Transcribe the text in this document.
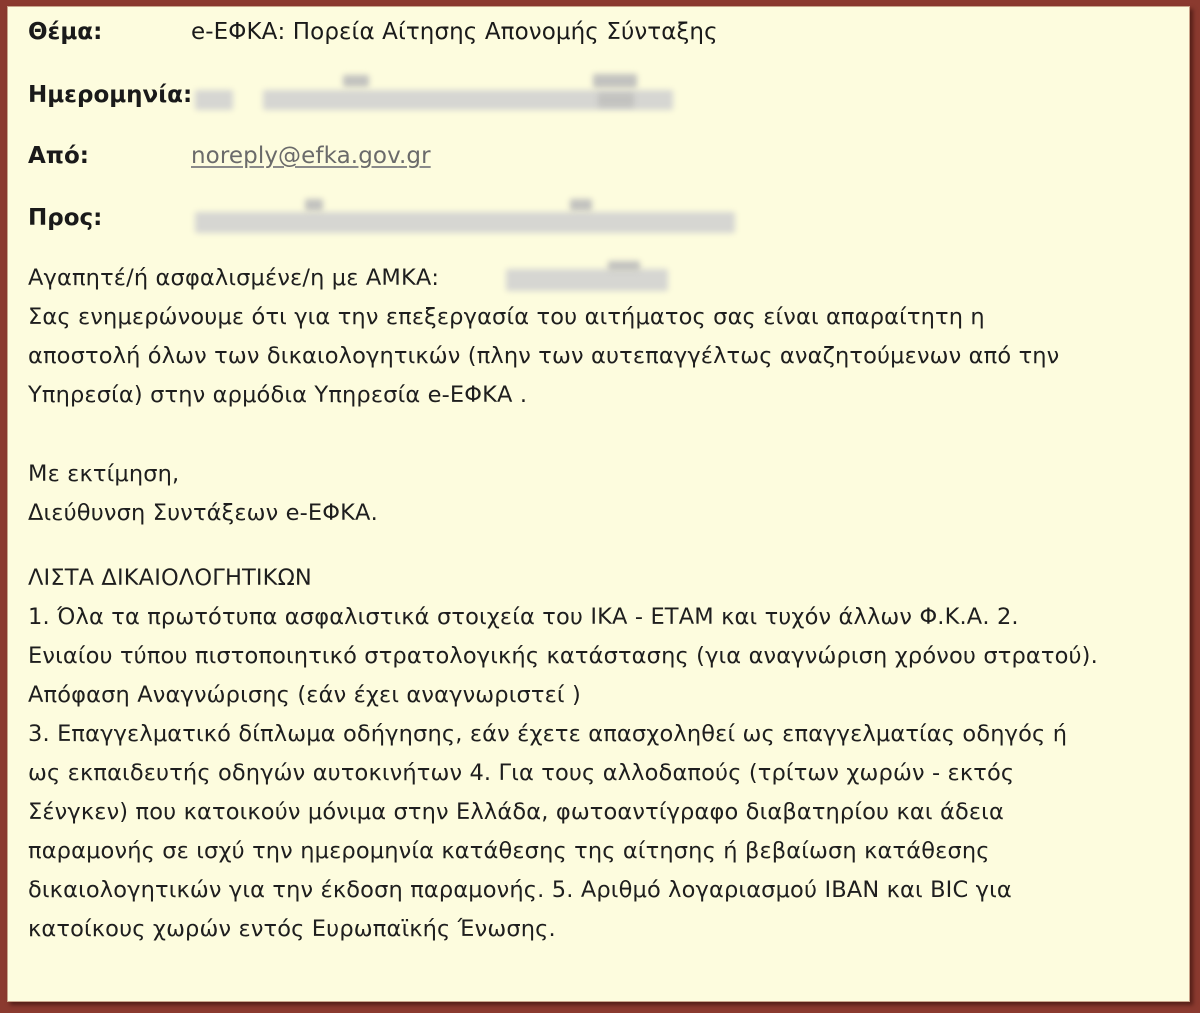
Θέμα:	e-ΕΦΚΑ: Πορεία Αίτησης Απονομής Σύνταξης
Ημερομηνία:
Από:	noreply@efka.gov.gr
Προς:
Αγαπητέ/ή ασφαλισμένε/η με ΑΜΚΑ:
Σας ενημερώνουμε ότι για την επεξεργασία του αιτήματος σας είναι απαραίτητη η
αποστολή όλων των δικαιολογητικών (πλην των αυτεπαγγέλτως αναζητούμενων από την
Υπηρεσία) στην αρμόδια Υπηρεσία e-ΕΦΚΑ .
Με εκτίμηση,
Διεύθυνση Συντάξεων e-ΕΦΚΑ.
ΛΙΣΤΑ ΔΙΚΑΙΟΛΟΓΗΤΙΚΩΝ
1. Όλα τα πρωτότυπα ασφαλιστικά στοιχεία του ΙΚΑ - ΕΤΑΜ και τυχόν άλλων Φ.Κ.Α. 2.
Ενιαίου τύπου πιστοποιητικό στρατολογικής κατάστασης (για αναγνώριση χρόνου στρατού).
Απόφαση Αναγνώρισης (εάν έχει αναγνωριστεί )
3. Επαγγελματικό δίπλωμα οδήγησης, εάν έχετε απασχοληθεί ως επαγγελματίας οδηγός ή
ως εκπαιδευτής οδηγών αυτοκινήτων 4. Για τους αλλοδαπούς (τρίτων χωρών - εκτός
Σένγκεν) που κατοικούν μόνιμα στην Ελλάδα, φωτοαντίγραφο διαβατηρίου και άδεια
παραμονής σε ισχύ την ημερομηνία κατάθεσης της αίτησης ή βεβαίωση κατάθεσης
δικαιολογητικών για την έκδοση παραμονής. 5. Αριθμό λογαριασμού IBAN και BIC για
κατοίκους χωρών εντός Ευρωπαϊκής Ένωσης.
